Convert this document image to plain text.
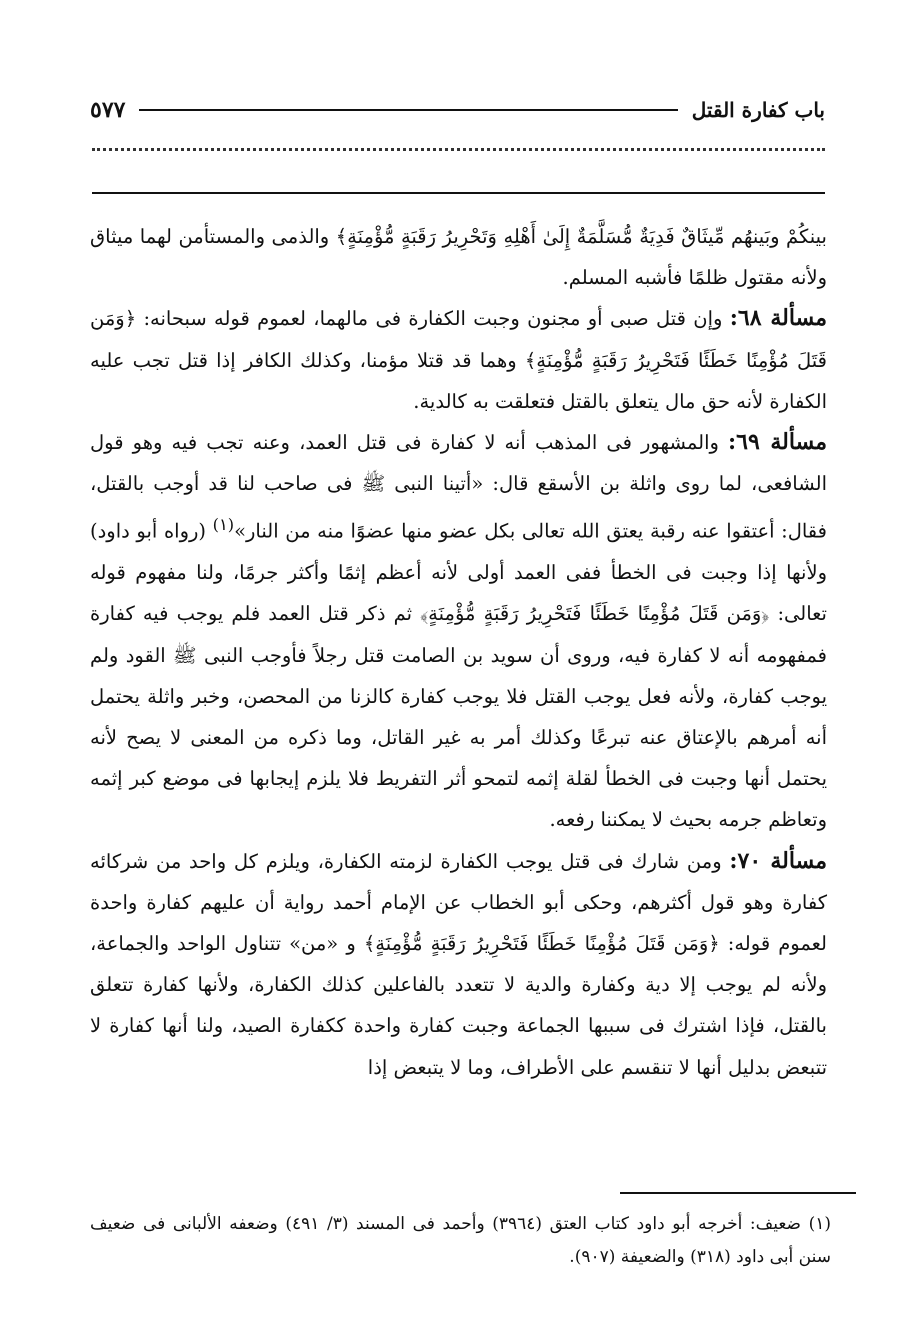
باب كفارة القتل
٥٧٧

بينكُمْ وبَينهُم مِّيثَاقٌ فَدِيَةٌ مُّسَلَّمَةٌ إِلَىٰ أَهْلِهِ وَتَحْرِيرُ رَقَبَةٍ مُّؤْمِنَةٍ﴾ والذمى والمستأمن لهما ميثاق ولأنه مقتول ظلمًا فأشبه المسلم.

مسألة ٦٨: وإن قتل صبى أو مجنون وجبت الكفارة فى مالهما، لعموم قوله سبحانه: ﴿وَمَن قَتَلَ مُؤْمِنًا خَطَئًا فَتَحْرِيرُ رَقَبَةٍ مُّؤْمِنَةٍ﴾ وهما قد قتلا مؤمنا، وكذلك الكافر إذا قتل تجب عليه الكفارة لأنه حق مال يتعلق بالقتل فتعلقت به كالدية.

مسألة ٦٩: والمشهور فى المذهب أنه لا كفارة فى قتل العمد، وعنه تجب فيه وهو قول الشافعى، لما روى واثلة بن الأسقع قال: «أتينا النبى ﷺ فى صاحب لنا قد أوجب بالقتل، فقال: أعتقوا عنه رقبة يعتق الله تعالى بكل عضو منها عضوًا منه من النار»$^{(١)}$ (رواه أبو داود) ولأنها إذا وجبت فى الخطأ ففى العمد أولى لأنه أعظم إثمًا وأكثر جرمًا، ولنا مفهوم قوله تعالى: ﴿وَمَن قَتَلَ مُؤْمِنًا خَطَئًا فَتَحْرِيرُ رَقَبَةٍ مُّؤْمِنَةٍ﴾ ثم ذكر قتل العمد فلم يوجب فيه كفارة فمفهومه أنه لا كفارة فيه، وروى أن سويد بن الصامت قتل رجلاً فأوجب النبى ﷺ القود ولم يوجب كفارة، ولأنه فعل يوجب القتل فلا يوجب كفارة كالزنا من المحصن، وخبر واثلة يحتمل أنه أمرهم بالإعتاق عنه تبرعًا وكذلك أمر به غير القاتل، وما ذكره من المعنى لا يصح لأنه يحتمل أنها وجبت فى الخطأ لقلة إثمه لتمحو أثر التفريط فلا يلزم إيجابها فى موضع كبر إثمه وتعاظم جرمه بحيث لا يمكننا رفعه.

مسألة ٧٠: ومن شارك فى قتل يوجب الكفارة لزمته الكفارة، ويلزم كل واحد من شركائه كفارة وهو قول أكثرهم، وحكى أبو الخطاب عن الإمام أحمد رواية أن عليهم كفارة واحدة لعموم قوله: ﴿وَمَن قَتَلَ مُؤْمِنًا خَطَئًا فَتَحْرِيرُ رَقَبَةٍ مُّؤْمِنَةٍ﴾ و «من» تتناول الواحد والجماعة، ولأنه لم يوجب إلا دية وكفارة والدية لا تتعدد بالفاعلين كذلك الكفارة، ولأنها كفارة تتعلق بالقتل، فإذا اشترك فى سببها الجماعة وجبت كفارة واحدة ككفارة الصيد، ولنا أنها كفارة لا تتبعض بدليل أنها لا تنقسم على الأطراف، وما لا يتبعض إذا

(١) ضعيف: أخرجه أبو داود كتاب العتق (٣٩٦٤) وأحمد فى المسند (٣/ ٤٩١) وضعفه الألبانى فى ضعيف سنن أبى داود (٣١٨) والضعيفة (٩٠٧).
